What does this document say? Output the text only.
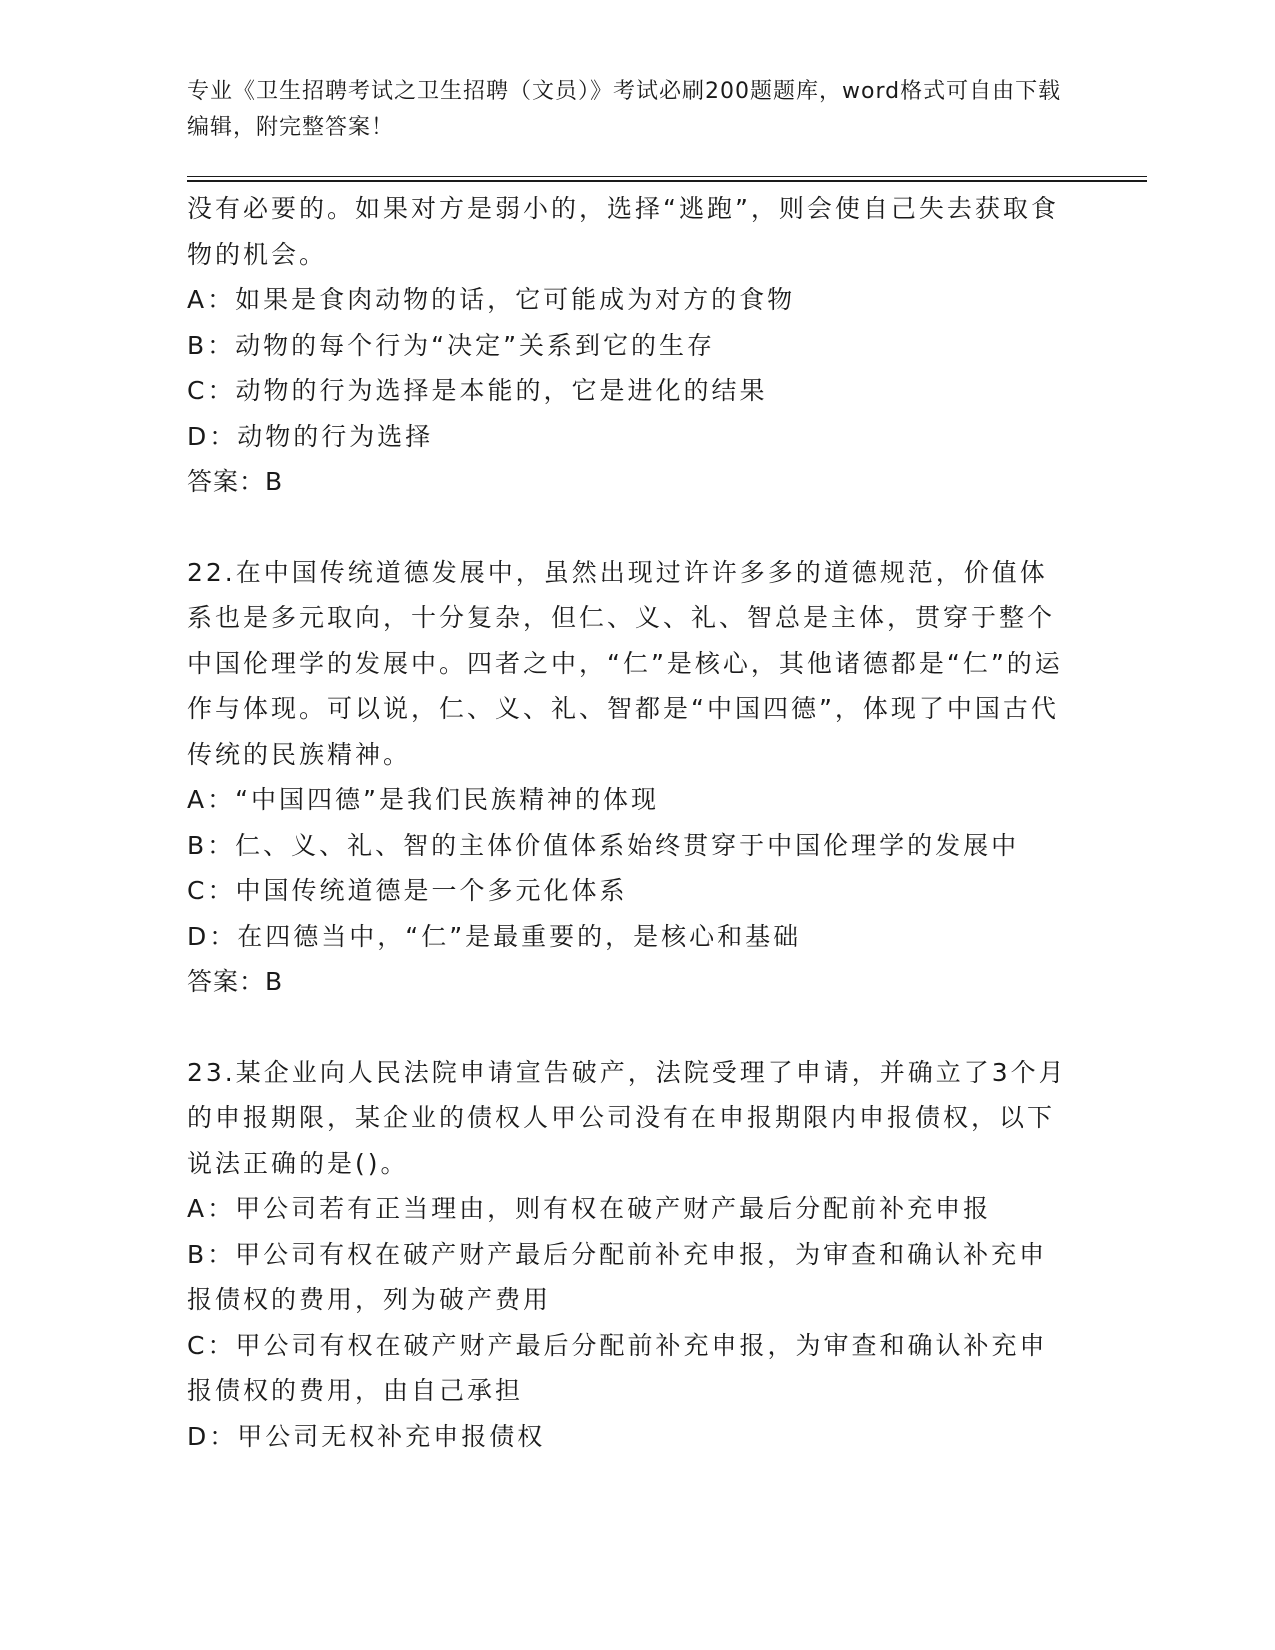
专业《卫生招聘考试之卫生招聘（文员）》考试必刷200题题库，word格式可自由下载编辑，附完整答案！

没有必要的。如果对方是弱小的，选择“逃跑”，则会使自己失去获取食物的机会。

A：如果是食肉动物的话，它可能成为对方的食物

B：动物的每个行为“决定”关系到它的生存

C：动物的行为选择是本能的，它是进化的结果

D：动物的行为选择

答案：B

22.在中国传统道德发展中，虽然出现过许许多多的道德规范，价值体系也是多元取向，十分复杂，但仁、义、礼、智总是主体，贯穿于整个中国伦理学的发展中。四者之中，“仁”是核心，其他诸德都是“仁”的运作与体现。可以说，仁、义、礼、智都是“中国四德”，体现了中国古代传统的民族精神。

A：“中国四德”是我们民族精神的体现

B：仁、义、礼、智的主体价值体系始终贯穿于中国伦理学的发展中

C：中国传统道德是一个多元化体系

D：在四德当中，“仁”是最重要的，是核心和基础

答案：B

23.某企业向人民法院申请宣告破产，法院受理了申请，并确立了3个月的申报期限，某企业的债权人甲公司没有在申报期限内申报债权，以下说法正确的是()。

A：甲公司若有正当理由，则有权在破产财产最后分配前补充申报

B：甲公司有权在破产财产最后分配前补充申报，为审查和确认补充申报债权的费用，列为破产费用

C：甲公司有权在破产财产最后分配前补充申报，为审查和确认补充申报债权的费用，由自己承担

D：甲公司无权补充申报债权
